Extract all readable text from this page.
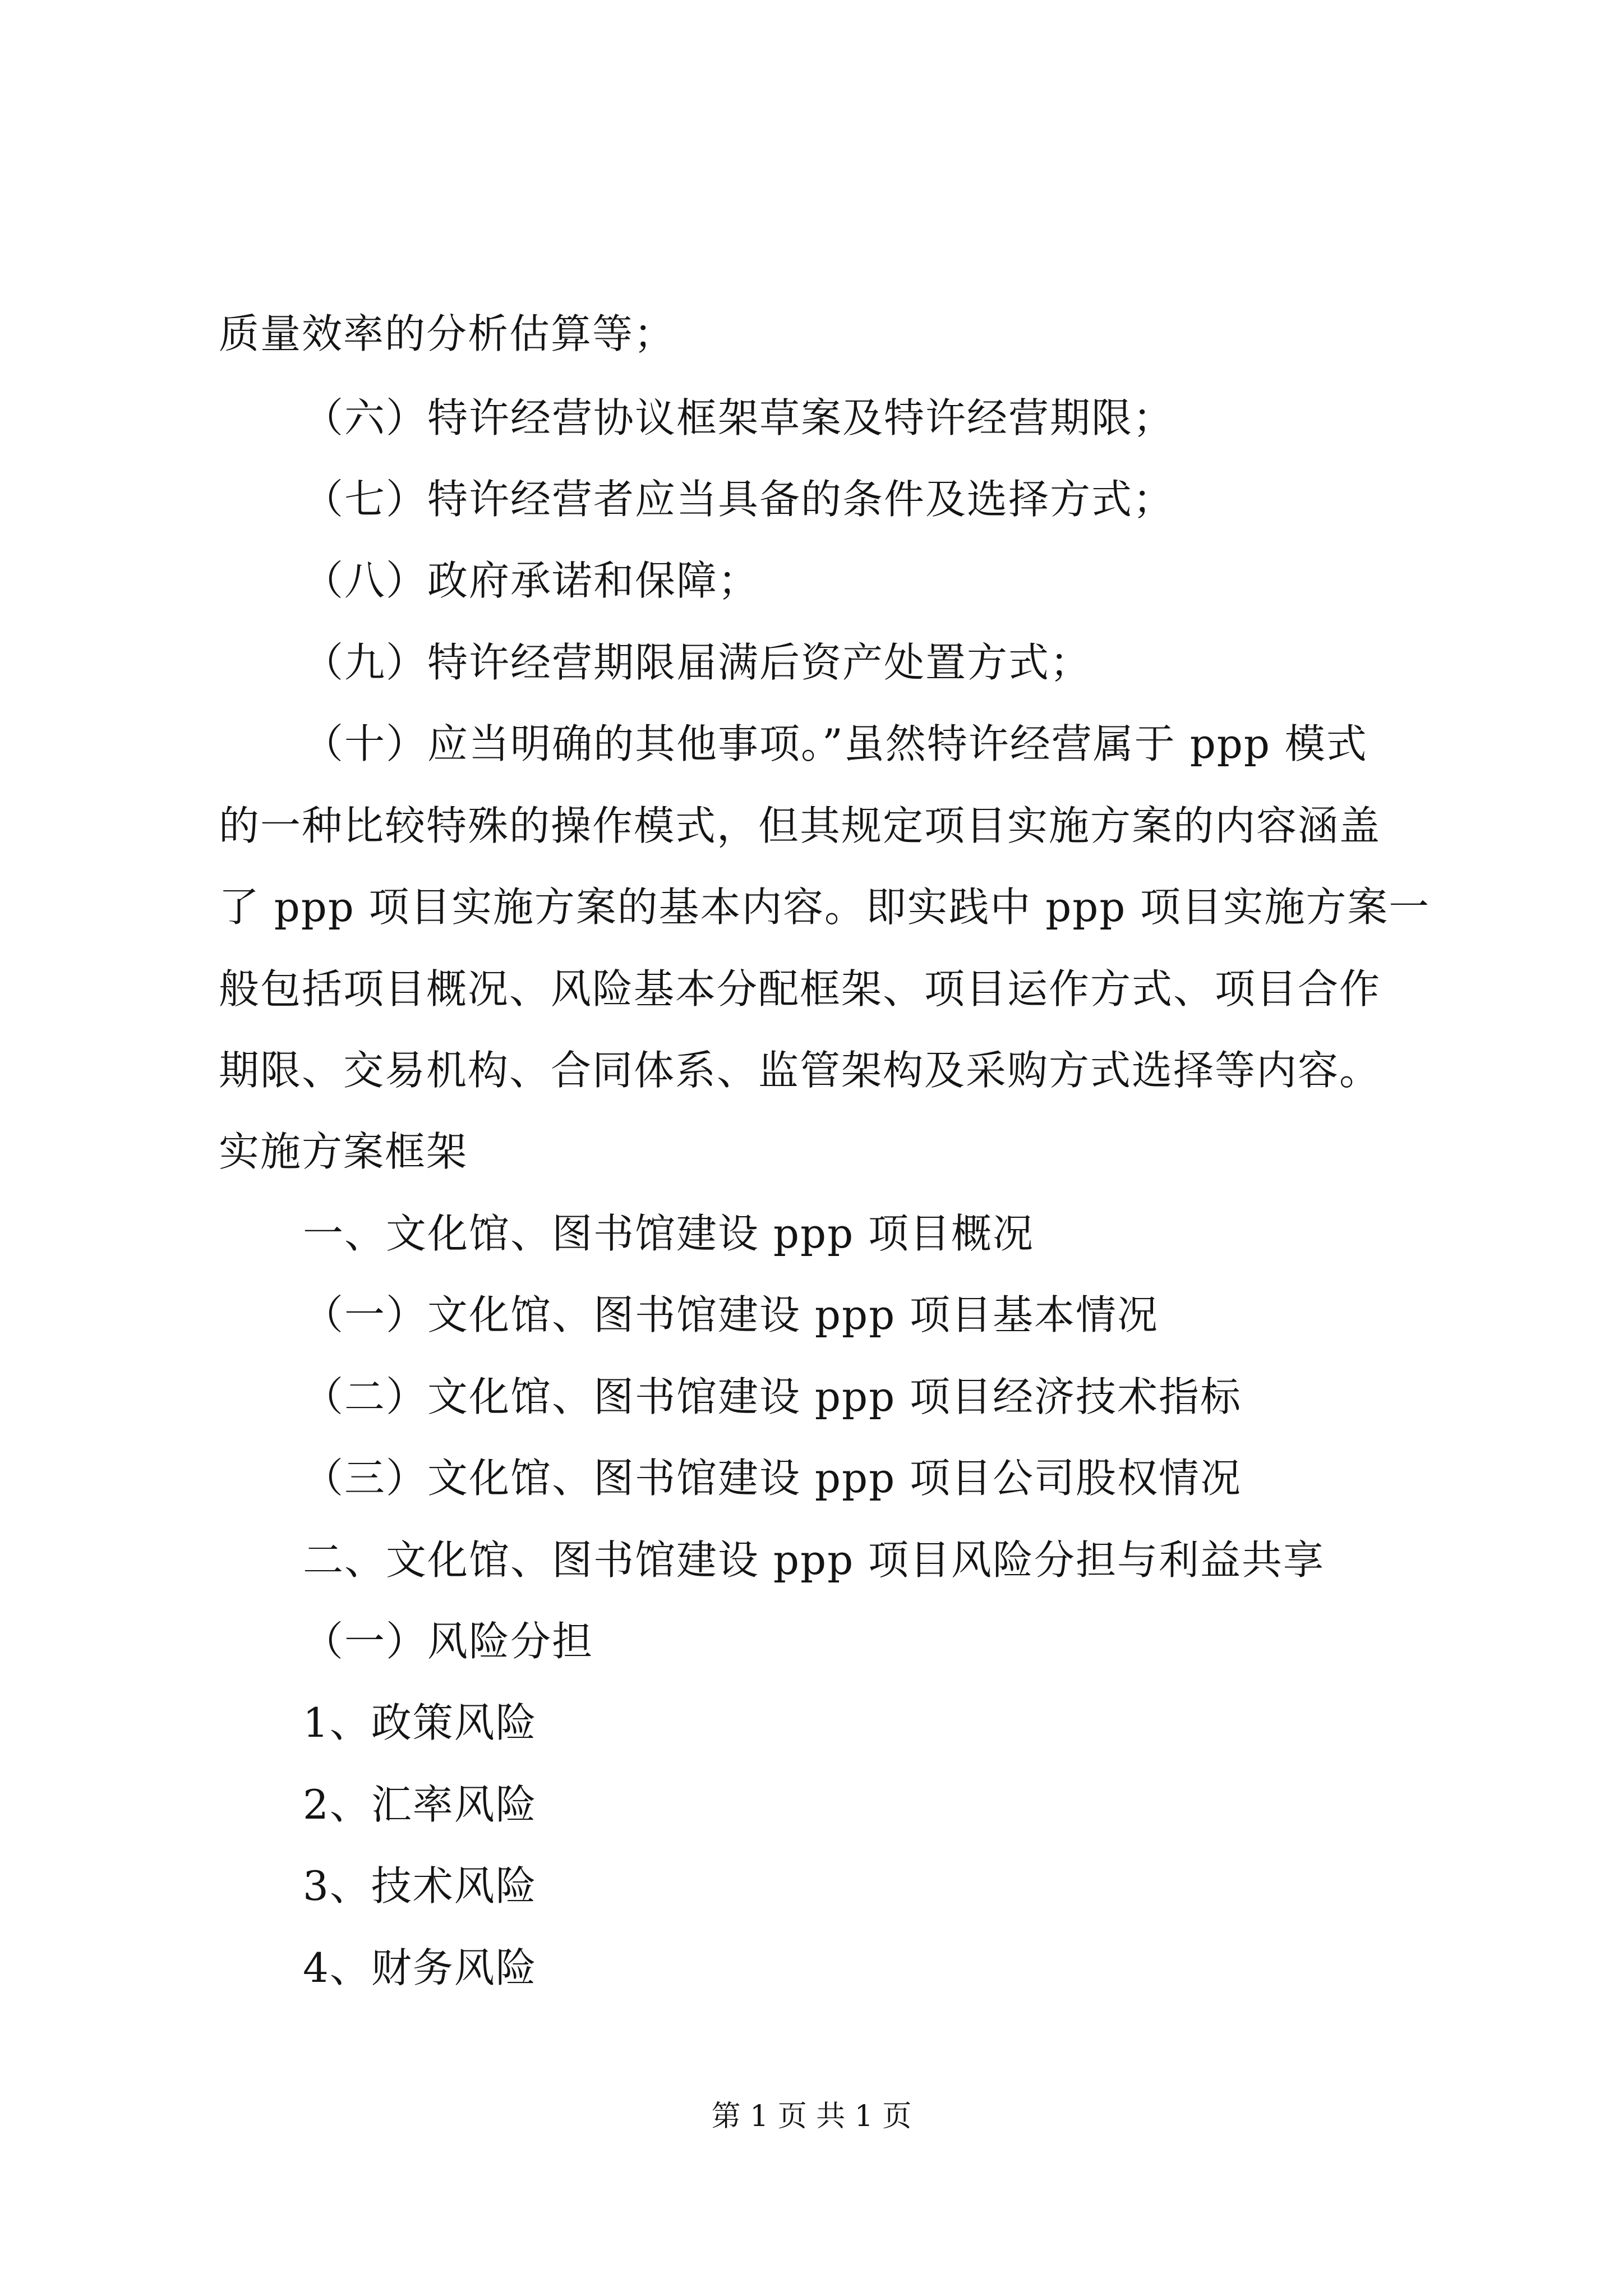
质量效率的分析估算等；
（六）特许经营协议框架草案及特许经营期限；
（七）特许经营者应当具备的条件及选择方式；
（八）政府承诺和保障；
（九）特许经营期限届满后资产处置方式；
（十）应当明确的其他事项。”虽然特许经营属于 ppp 模式
的一种比较特殊的操作模式，但其规定项目实施方案的内容涵盖
了 ppp 项目实施方案的基本内容。即实践中 ppp 项目实施方案一
般包括项目概况、风险基本分配框架、项目运作方式、项目合作
期限、交易机构、合同体系、监管架构及采购方式选择等内容。
实施方案框架
一、文化馆、图书馆建设 ppp 项目概况
（一）文化馆、图书馆建设 ppp 项目基本情况
（二）文化馆、图书馆建设 ppp 项目经济技术指标
（三）文化馆、图书馆建设 ppp 项目公司股权情况
二、文化馆、图书馆建设 ppp 项目风险分担与利益共享
（一）风险分担
1、政策风险
2、汇率风险
3、技术风险
4、财务风险
第 1 页 共 1 页
